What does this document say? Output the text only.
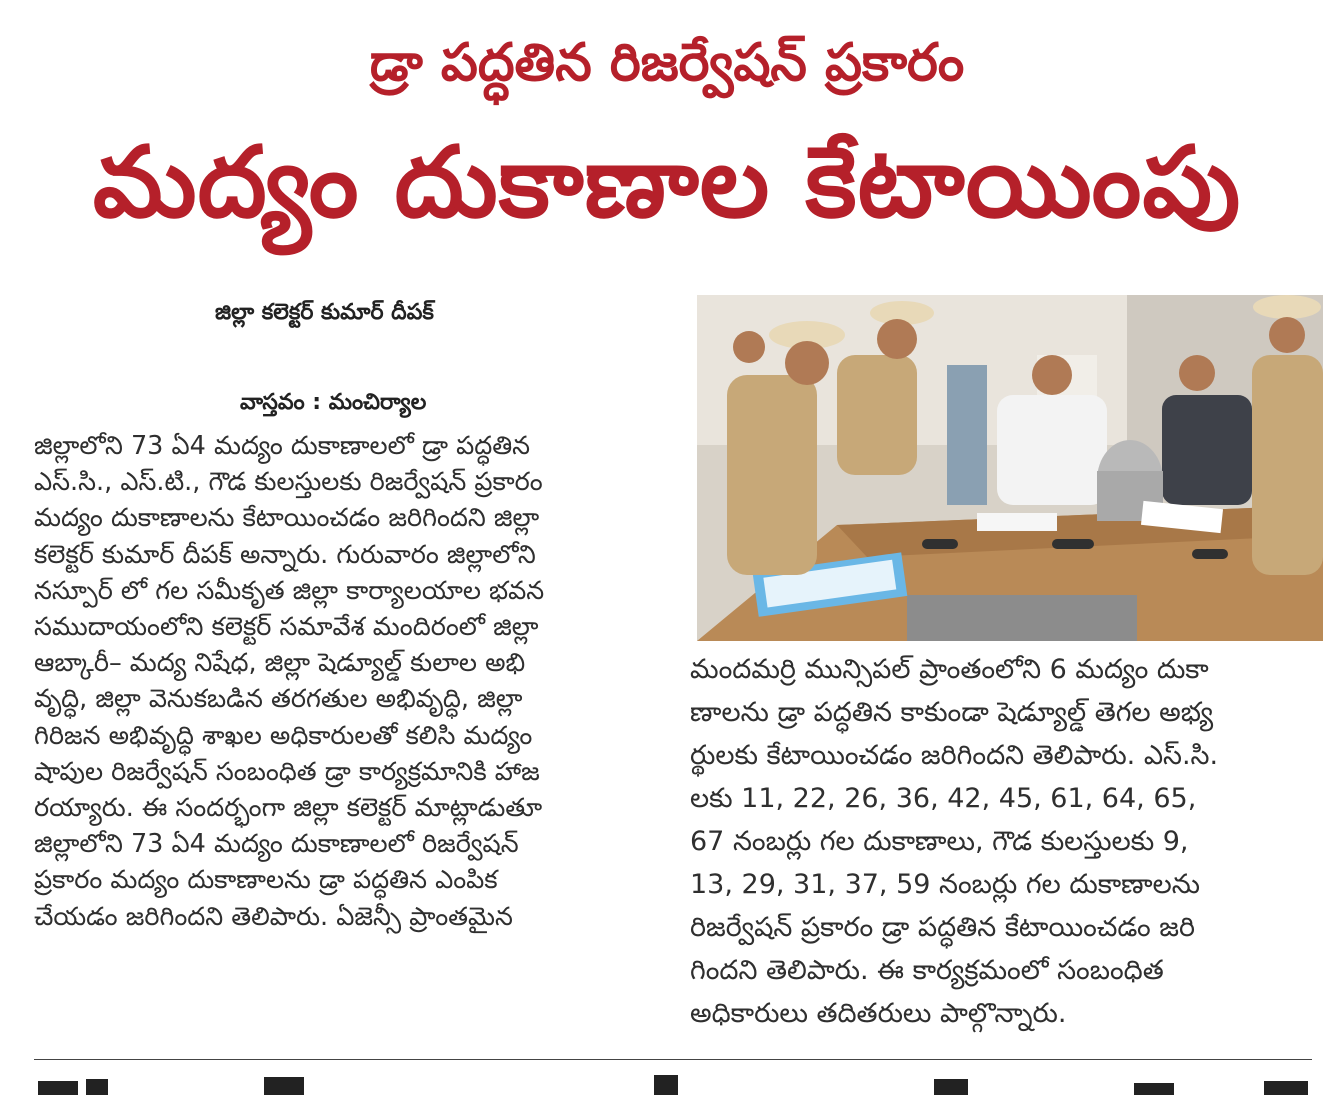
డ్రా పద్ధతిన రిజర్వేషన్ ప్రకారం
మద్యం దుకాణాల కేటాయింపు
జిల్లా కలెక్టర్ కుమార్ దీపక్
వాస్తవం : మంచిర్యాల
జిల్లాలోని 73 ఏ4 మద్యం దుకాణాలలో డ్రా పద్ధతిన
ఎస్.సి., ఎస్.టి., గౌడ కులస్తులకు రిజర్వేషన్ ప్రకారం
మద్యం దుకాణాలను కేటాయించడం జరిగిందని జిల్లా
కలెక్టర్ కుమార్ దీపక్ అన్నారు. గురువారం జిల్లాలోని
నస్పూర్ లో గల సమీకృత జిల్లా కార్యాలయాల భవన
సముదాయంలోని కలెక్టర్ సమావేశ మందిరంలో జిల్లా
ఆబ్కారీ– మద్య నిషేధ, జిల్లా షెడ్యూల్డ్ కులాల అభి
వృద్ధి, జిల్లా వెనుకబడిన తరగతుల అభివృద్ధి, జిల్లా
గిరిజన అభివృద్ధి శాఖల అధికారులతో కలిసి మద్యం
షాపుల రిజర్వేషన్ సంబంధిత డ్రా కార్యక్రమానికి హాజ
రయ్యారు. ఈ సందర్భంగా జిల్లా కలెక్టర్ మాట్లాడుతూ
జిల్లాలోని 73 ఏ4 మద్యం దుకాణాలలో రిజర్వేషన్
ప్రకారం మద్యం దుకాణాలను డ్రా పద్ధతిన ఎంపిక
చేయడం జరిగిందని తెలిపారు. ఏజెన్సీ ప్రాంతమైన
మందమర్రి మున్సిపల్ ప్రాంతంలోని 6 మద్యం దుకా
ణాలను డ్రా పద్ధతిన కాకుండా షెడ్యూల్డ్ తెగల అభ్య
ర్థులకు కేటాయించడం జరిగిందని తెలిపారు. ఎస్.సి.
లకు 11, 22, 26, 36, 42, 45, 61, 64, 65,
67 నంబర్లు గల దుకాణాలు, గౌడ కులస్తులకు 9,
13, 29, 31, 37, 59 నంబర్లు గల దుకాణాలను
రిజర్వేషన్ ప్రకారం డ్రా పద్ధతిన కేటాయించడం జరి
గిందని తెలిపారు. ఈ కార్యక్రమంలో సంబంధిత
అధికారులు తదితరులు పాల్గొన్నారు.
